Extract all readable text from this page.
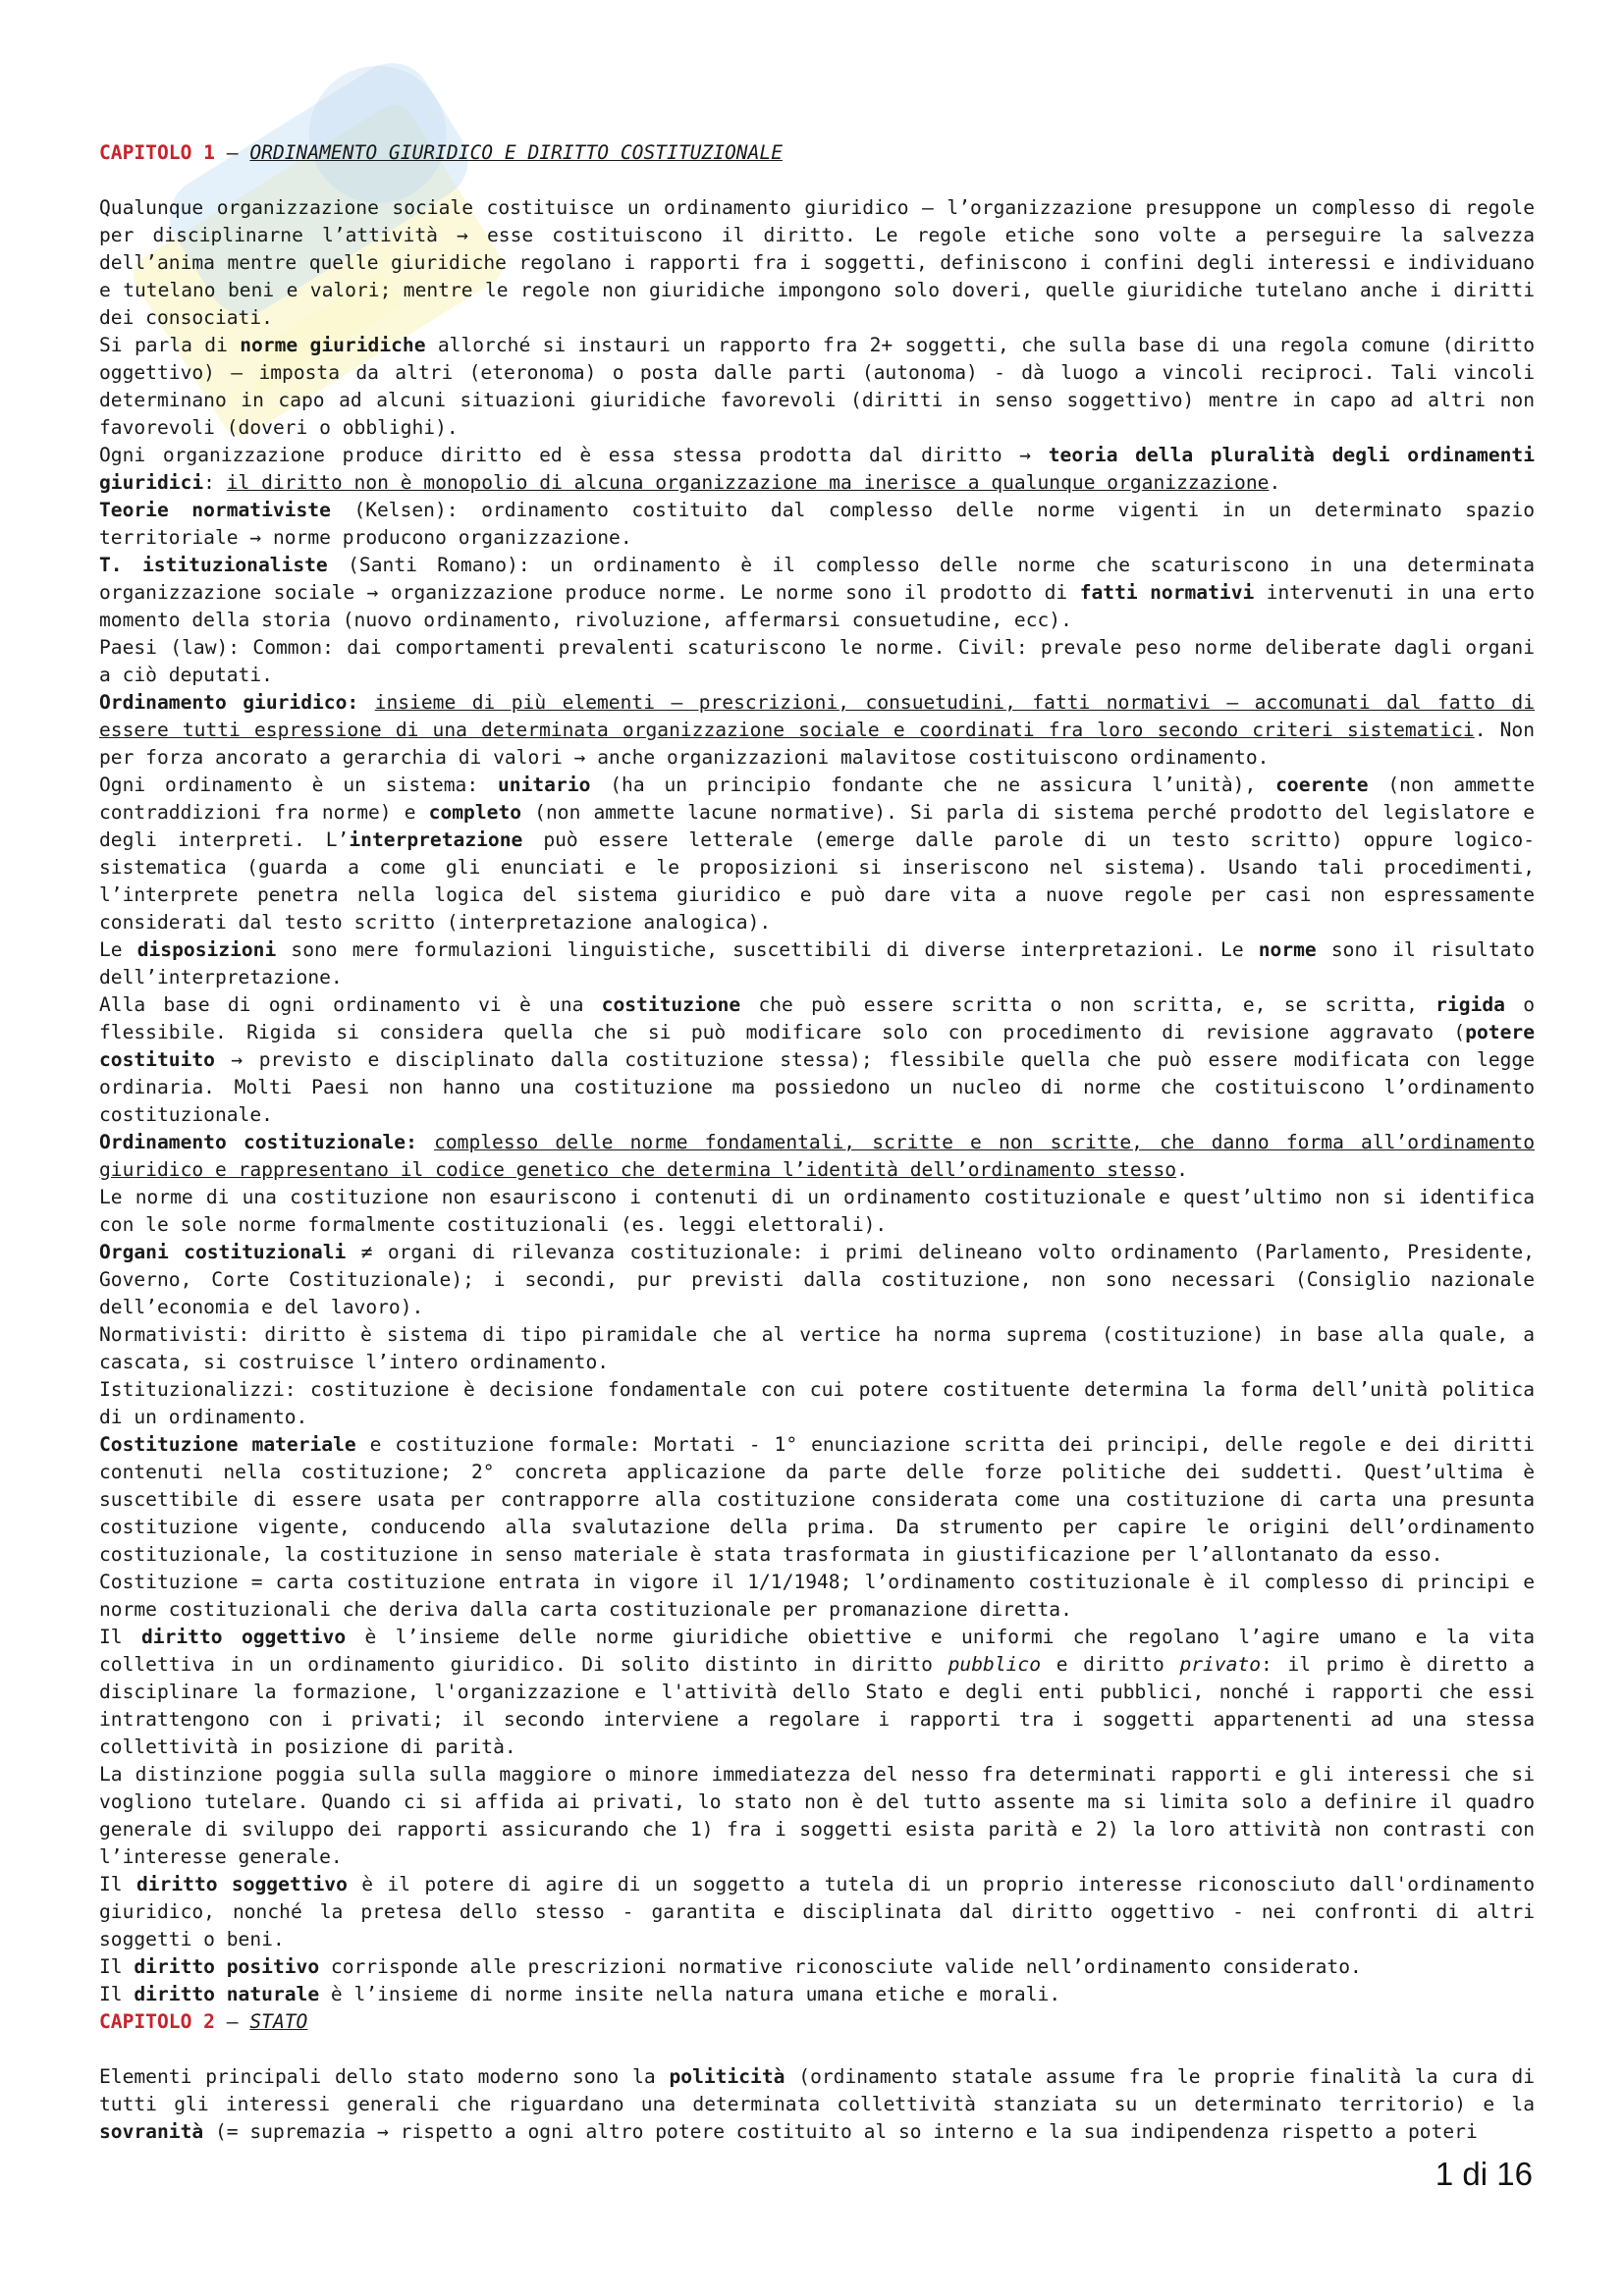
CAPITOLO 1 – ORDINAMENTO GIURIDICO E DIRITTO COSTITUZIONALE

Qualunque organizzazione sociale costituisce un ordinamento giuridico – l’organizzazione presuppone un complesso di regole per disciplinarne l’attività → esse costituiscono il diritto. Le regole etiche sono volte a perseguire la salvezza dell’anima mentre quelle giuridiche regolano i rapporti fra i soggetti, definiscono i confini degli interessi e individuano e tutelano beni e valori; mentre le regole non giuridiche impongono solo doveri, quelle giuridiche tutelano anche i diritti dei consociati.

Si parla di norme giuridiche allorché si instauri un rapporto fra 2+ soggetti, che sulla base di una regola comune (diritto oggettivo) – imposta da altri (eteronoma) o posta dalle parti (autonoma) - dà luogo a vincoli reciproci. Tali vincoli determinano in capo ad alcuni situazioni giuridiche favorevoli (diritti in senso soggettivo) mentre in capo ad altri non favorevoli (doveri o obblighi).

Ogni organizzazione produce diritto ed è essa stessa prodotta dal diritto → teoria della pluralità degli ordinamenti giuridici: il diritto non è monopolio di alcuna organizzazione ma inerisce a qualunque organizzazione.

Teorie normativiste (Kelsen): ordinamento costituito dal complesso delle norme vigenti in un determinato spazio territoriale → norme producono organizzazione.

T. istituzionaliste (Santi Romano): un ordinamento è il complesso delle norme che scaturiscono in una determinata organizzazione sociale → organizzazione produce norme. Le norme sono il prodotto di fatti normativi intervenuti in una erto momento della storia (nuovo ordinamento, rivoluzione, affermarsi consuetudine, ecc).

Paesi (law): Common: dai comportamenti prevalenti scaturiscono le norme. Civil: prevale peso norme deliberate dagli organi a ciò deputati.

Ordinamento giuridico: insieme di più elementi – prescrizioni, consuetudini, fatti normativi – accomunati dal fatto di essere tutti espressione di una determinata organizzazione sociale e coordinati fra loro secondo criteri sistematici. Non per forza ancorato a gerarchia di valori → anche organizzazioni malavitose costituiscono ordinamento.

Ogni ordinamento è un sistema: unitario (ha un principio fondante che ne assicura l’unità), coerente (non ammette contraddizioni fra norme) e completo (non ammette lacune normative). Si parla di sistema perché prodotto del legislatore e degli interpreti. L’interpretazione può essere letterale (emerge dalle parole di un testo scritto) oppure logico-sistematica (guarda a come gli enunciati e le proposizioni si inseriscono nel sistema). Usando tali procedimenti, l’interprete penetra nella logica del sistema giuridico e può dare vita a nuove regole per casi non espressamente considerati dal testo scritto (interpretazione analogica).

Le disposizioni sono mere formulazioni linguistiche, suscettibili di diverse interpretazioni. Le norme sono il risultato dell’interpretazione.

Alla base di ogni ordinamento vi è una costituzione che può essere scritta o non scritta, e, se scritta, rigida o flessibile. Rigida si considera quella che si può modificare solo con procedimento di revisione aggravato (potere costituito → previsto e disciplinato dalla costituzione stessa); flessibile quella che può essere modificata con legge ordinaria. Molti Paesi non hanno una costituzione ma possiedono un nucleo di norme che costituiscono l’ordinamento costituzionale.

Ordinamento costituzionale: complesso delle norme fondamentali, scritte e non scritte, che danno forma all’ordinamento giuridico e rappresentano il codice genetico che determina l’identità dell’ordinamento stesso.

Le norme di una costituzione non esauriscono i contenuti di un ordinamento costituzionale e quest’ultimo non si identifica con le sole norme formalmente costituzionali (es. leggi elettorali).

Organi costituzionali ≠ organi di rilevanza costituzionale: i primi delineano volto ordinamento (Parlamento, Presidente, Governo, Corte Costituzionale); i secondi, pur previsti dalla costituzione, non sono necessari (Consiglio nazionale dell’economia e del lavoro).

Normativisti: diritto è sistema di tipo piramidale che al vertice ha norma suprema (costituzione) in base alla quale, a cascata, si costruisce l’intero ordinamento.

Istituzionalizzi: costituzione è decisione fondamentale con cui potere costituente determina la forma dell’unità politica di un ordinamento.

Costituzione materiale e costituzione formale: Mortati - 1° enunciazione scritta dei principi, delle regole e dei diritti contenuti nella costituzione; 2° concreta applicazione da parte delle forze politiche dei suddetti. Quest’ultima è suscettibile di essere usata per contrapporre alla costituzione considerata come una costituzione di carta una presunta costituzione vigente, conducendo alla svalutazione della prima. Da strumento per capire le origini dell’ordinamento costituzionale, la costituzione in senso materiale è stata trasformata in giustificazione per l’allontanato da esso.

Costituzione = carta costituzione entrata in vigore il 1/1/1948; l’ordinamento costituzionale è il complesso di principi e norme costituzionali che deriva dalla carta costituzionale per promanazione diretta.

Il diritto oggettivo è l’insieme delle norme giuridiche obiettive e uniformi che regolano l’agire umano e la vita collettiva in un ordinamento giuridico. Di solito distinto in diritto pubblico e diritto privato: il primo è diretto a disciplinare la formazione, l'organizzazione e l'attività dello Stato e degli enti pubblici, nonché i rapporti che essi intrattengono con i privati; il secondo interviene a regolare i rapporti tra i soggetti appartenenti ad una stessa collettività in posizione di parità.

La distinzione poggia sulla sulla maggiore o minore immediatezza del nesso fra determinati rapporti e gli interessi che si vogliono tutelare. Quando ci si affida ai privati, lo stato non è del tutto assente ma si limita solo a definire il quadro generale di sviluppo dei rapporti assicurando che 1) fra i soggetti esista parità e 2) la loro attività non contrasti con l’interesse generale.

Il diritto soggettivo è il potere di agire di un soggetto a tutela di un proprio interesse riconosciuto dall'ordinamento giuridico, nonché la pretesa dello stesso - garantita e disciplinata dal diritto oggettivo - nei confronti di altri soggetti o beni.

Il diritto positivo corrisponde alle prescrizioni normative riconosciute valide nell’ordinamento considerato.

Il diritto naturale è l’insieme di norme insite nella natura umana etiche e morali.

CAPITOLO 2 – STATO

Elementi principali dello stato moderno sono la politicità (ordinamento statale assume fra le proprie finalità la cura di tutti gli interessi generali che riguardano una determinata collettività stanziata su un determinato territorio) e la sovranità (= supremazia → rispetto a ogni altro potere costituito al so interno e la sua indipendenza rispetto a poteri

1 di 16
